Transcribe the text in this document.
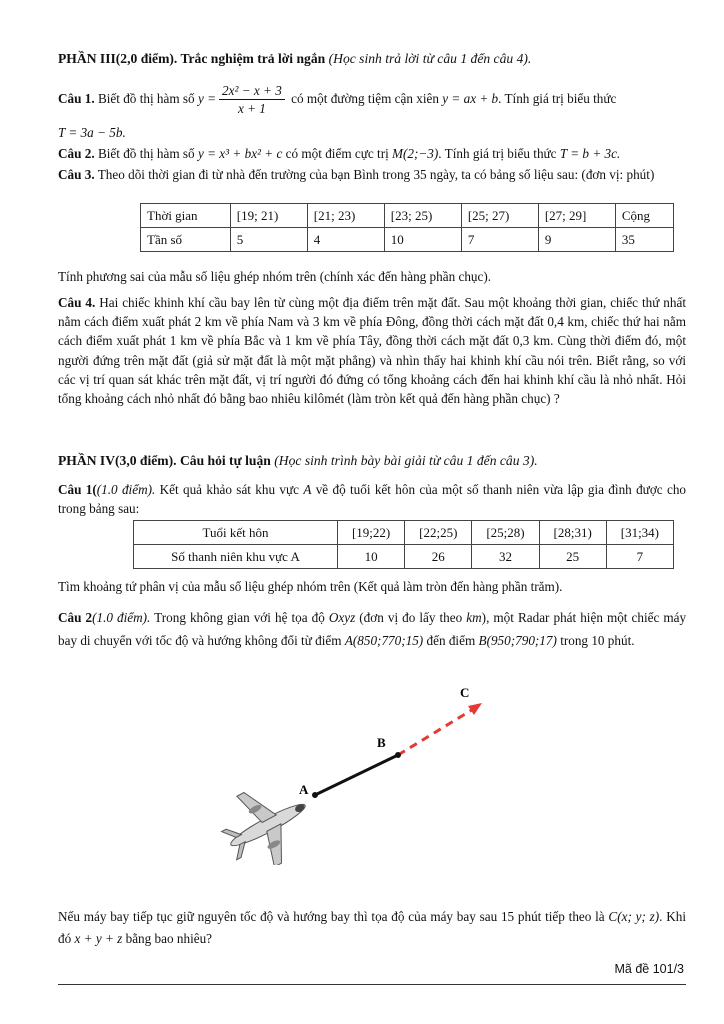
PHẦN III(2,0 điểm). Trắc nghiệm trả lời ngắn (Học sinh trả lời từ câu 1 đến câu 4).
Câu 1. Biết đồ thị hàm số $y = \frac{\text{2x² − x + 3}}{x + 1}$ có một đường tiệm cận xiên y = ax + b. Tính giá trị biểu thức
T = 3a − 5b.
Câu 2. Biết đồ thị hàm số y = x³ + bx² + c có một điểm cực trị M(2;−3). Tính giá trị biểu thức T = b + 3c.
Câu 3. Theo dõi thời gian đi từ nhà đến trường của bạn Bình trong 35 ngày, ta có bảng số liệu sau: (đơn vị: phút)
Thời gian	[19; 21)	[21; 23)	[23; 25)	[25; 27)	[27; 29]	Cộng
Tần số	5	4	10	7	9	35
Tính phương sai của mẫu số liệu ghép nhóm trên (chính xác đến hàng phần chục).
Câu 4. Hai chiếc khinh khí cầu bay lên từ cùng một địa điểm trên mặt đất. Sau một khoảng thời gian, chiếc thứ nhất nằm cách điểm xuất phát 2 km về phía Nam và 3 km về phía Đông, đồng thời cách mặt đất 0,4 km, chiếc thứ hai nằm cách điểm xuất phát 1 km về phía Bắc và 1 km về phía Tây, đồng thời cách mặt đất 0,3 km. Cùng thời điểm đó, một người đứng trên mặt đất (giả sử mặt đất là một mặt phẳng) và nhìn thấy hai khinh khí cầu nói trên. Biết rằng, so với các vị trí quan sát khác trên mặt đất, vị trí người đó đứng có tổng khoảng cách đến hai khinh khí cầu là nhỏ nhất. Hỏi tổng khoảng cách nhỏ nhất đó bằng bao nhiêu kilômét (làm tròn kết quả đến hàng phần chục) ?
PHẦN IV(3,0 điểm). Câu hỏi tự luận (Học sinh trình bày bài giải từ câu 1 đến câu 3).
Câu 1((1.0 điểm). Kết quả khảo sát khu vực A về độ tuổi kết hôn của một số thanh niên vừa lập gia đình được cho trong bảng sau:
Tuổi kết hôn	[19;22)	[22;25)	[25;28)	[28;31)	[31;34)
Số thanh niên khu vực A	10	26	32	25	7
Tìm khoảng tứ phân vị của mẫu số liệu ghép nhóm trên (Kết quả làm tròn đến hàng phần trăm).
Câu 2(1.0 điểm). Trong không gian với hệ tọa độ Oxyz (đơn vị đo lấy theo km), một Radar phát hiện một chiếc máy bay di chuyển với tốc độ và hướng không đổi từ điểm A(850;770;15) đến điểm B(950;790;17) trong 10 phút.
A
B
C
Nếu máy bay tiếp tục giữ nguyên tốc độ và hướng bay thì tọa độ của máy bay sau 15 phút tiếp theo là C(x; y; z). Khi đó x + y + z bằng bao nhiêu?
Mã đề 101/3
